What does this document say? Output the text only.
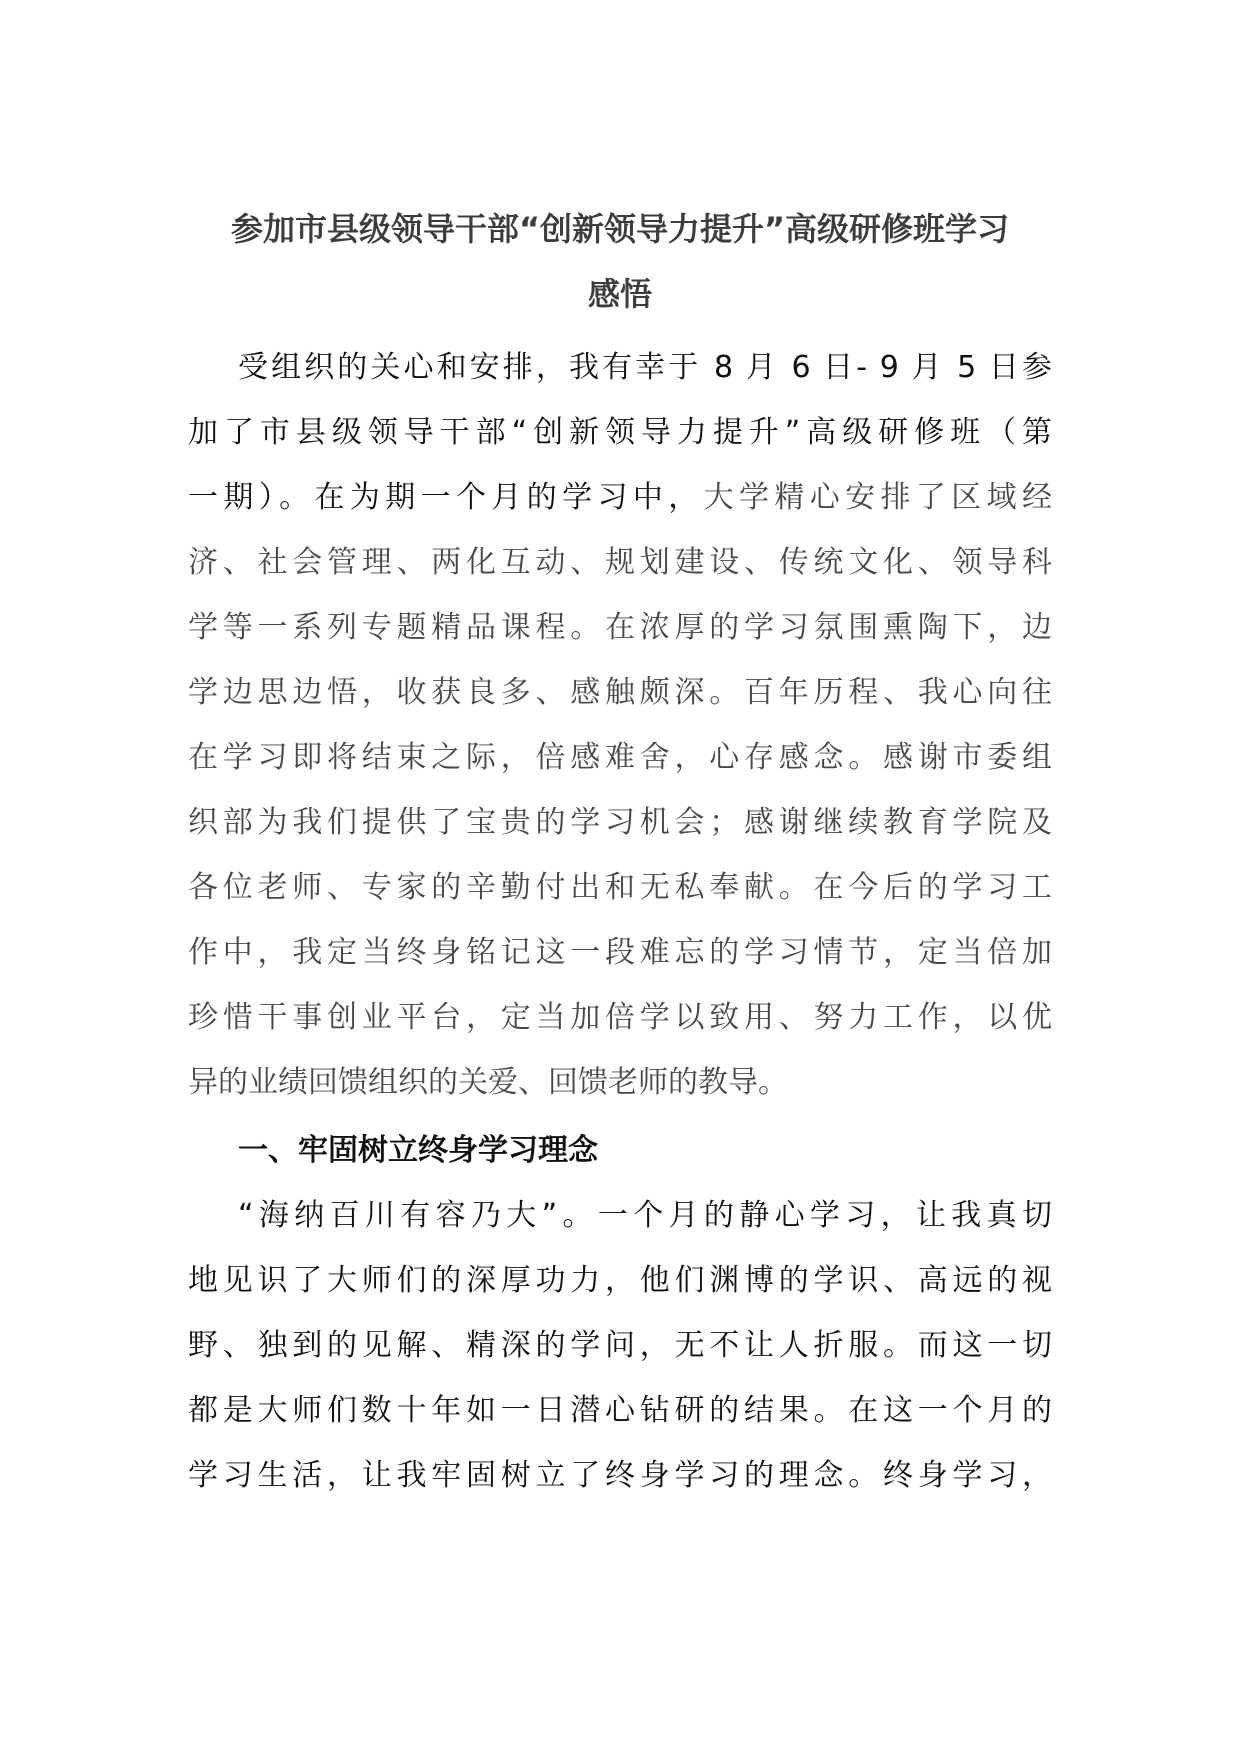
参加市县级领导干部“创新领导力提升”高级研修班学习
感悟
受组织的关心和安排，我有幸于 8 月 6 日- 9 月 5 日参
加了市县级领导干部“创新领导力提升”高级研修班（第
一期）。在为期一个月的学习中，大学精心安排了区域经
济、社会管理、两化互动、规划建设、传统文化、领导科
学等一系列专题精品课程。在浓厚的学习氛围熏陶下，边
学边思边悟，收获良多、感触颇深。百年历程、我心向往
在学习即将结束之际，倍感难舍，心存感念。感谢市委组
织部为我们提供了宝贵的学习机会；感谢继续教育学院及
各位老师、专家的辛勤付出和无私奉献。在今后的学习工
作中，我定当终身铭记这一段难忘的学习情节，定当倍加
珍惜干事创业平台，定当加倍学以致用、努力工作，以优
异的业绩回馈组织的关爱、回馈老师的教导。
一、牢固树立终身学习理念
“海纳百川有容乃大”。一个月的静心学习，让我真切
地见识了大师们的深厚功力，他们渊博的学识、高远的视
野、独到的见解、精深的学问，无不让人折服。而这一切
都是大师们数十年如一日潜心钻研的结果。在这一个月的
学习生活，让我牢固树立了终身学习的理念。终身学习，
